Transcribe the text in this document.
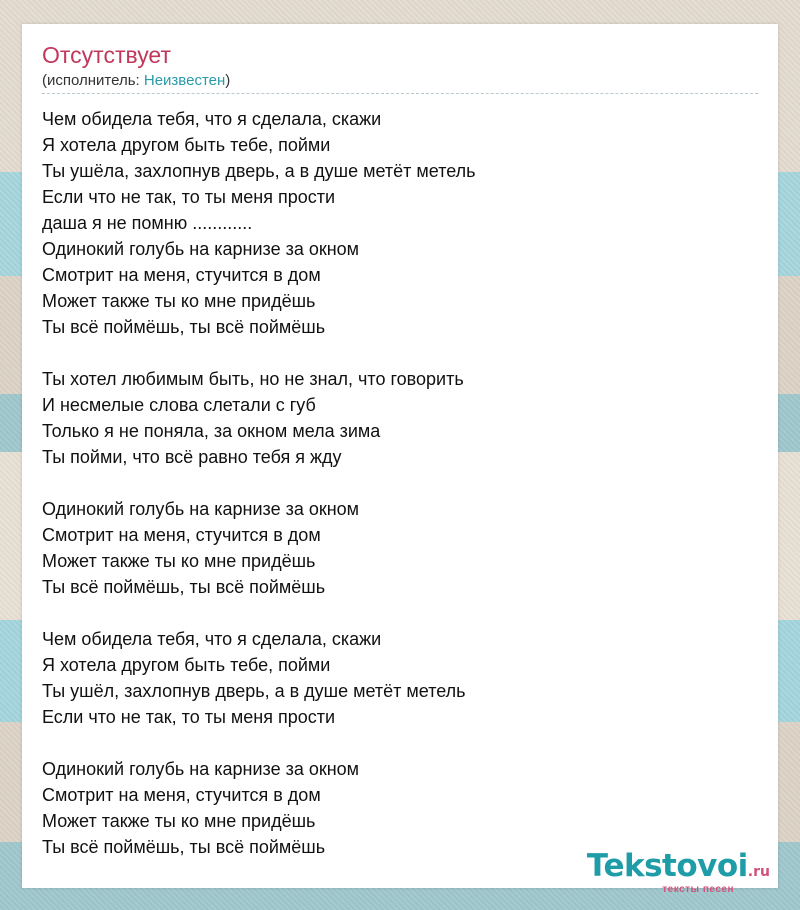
Отсутствует
(исполнитель: Неизвестен)
Чем обидела тебя, что я сделала, скажи
Я хотела другом быть тебе, пойми
Ты ушёла, захлопнув дверь, а в душе метёт метель
Если что не так, то ты меня прости
даша я не помню ............
Одинокий голубь на карнизе за окном
Смотрит на меня, стучится в дом
Может также ты ко мне придёшь
Ты всё поймёшь, ты всё поймёшь
Ты хотел любимым быть, но не знал, что говорить
И несмелые слова слетали с губ
Только я не поняла, за окном мела зима
Ты пойми, что всё равно тебя я жду
Одинокий голубь на карнизе за окном
Смотрит на меня, стучится в дом
Может также ты ко мне придёшь
Ты всё поймёшь, ты всё поймёшь
Чем обидела тебя, что я сделала, скажи
Я хотела другом быть тебе, пойми
Ты ушёл, захлопнув дверь, а в душе метёт метель
Если что не так, то ты меня прости
Одинокий голубь на карнизе за окном
Смотрит на меня, стучится в дом
Может также ты ко мне придёшь
Ты всё поймёшь, ты всё поймёшь
Tekstovoi.ru
тексты песен
